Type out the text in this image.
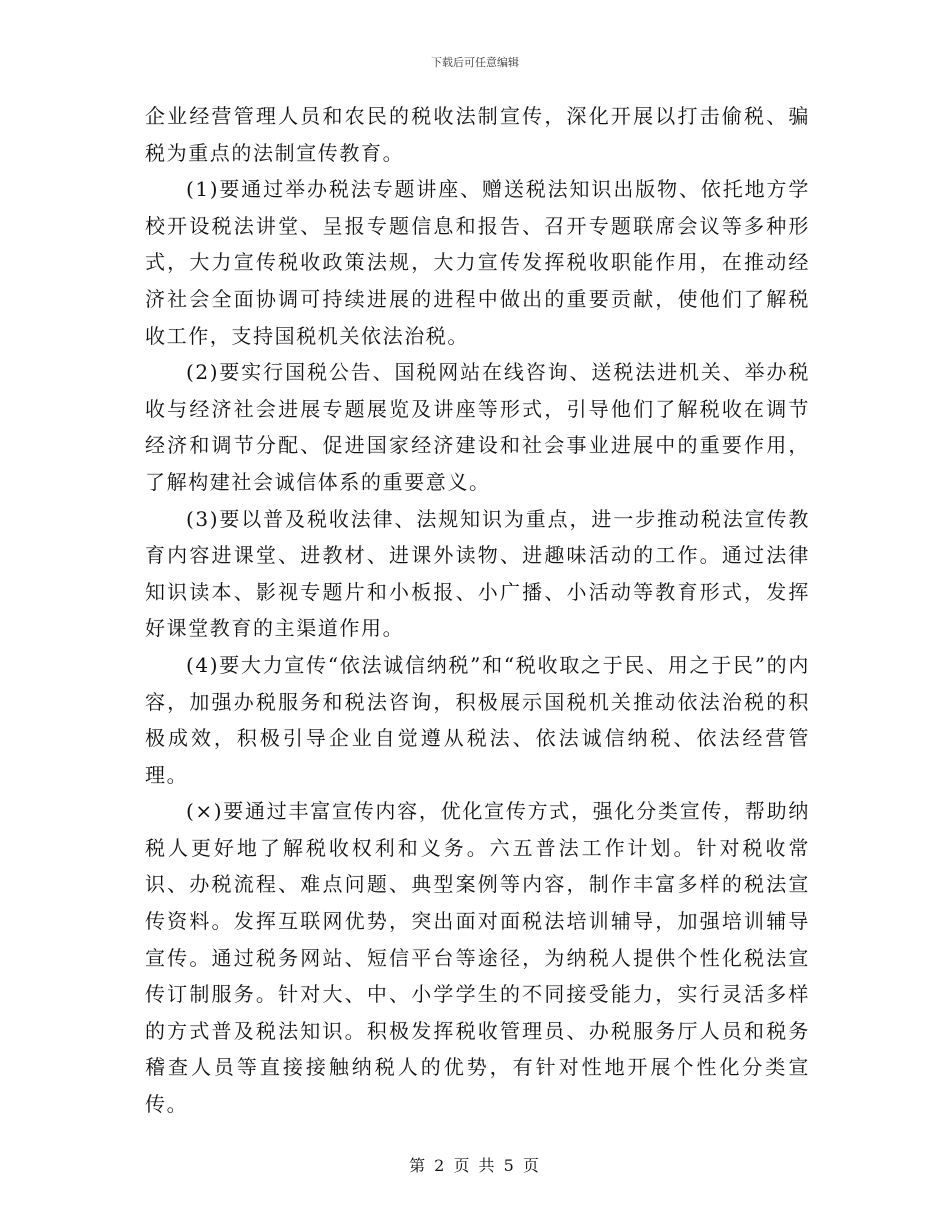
下载后可任意编辑

企业经营管理人员和农民的税收法制宣传，深化开展以打击偷税、骗税为重点的法制宣传教育。

(1)要通过举办税法专题讲座、赠送税法知识出版物、依托地方学校开设税法讲堂、呈报专题信息和报告、召开专题联席会议等多种形式，大力宣传税收政策法规，大力宣传发挥税收职能作用，在推动经济社会全面协调可持续进展的进程中做出的重要贡献，使他们了解税收工作，支持国税机关依法治税。

(2)要实行国税公告、国税网站在线咨询、送税法进机关、举办税收与经济社会进展专题展览及讲座等形式，引导他们了解税收在调节经济和调节分配、促进国家经济建设和社会事业进展中的重要作用，了解构建社会诚信体系的重要意义。

(3)要以普及税收法律、法规知识为重点，进一步推动税法宣传教育内容进课堂、进教材、进课外读物、进趣味活动的工作。通过法律知识读本、影视专题片和小板报、小广播、小活动等教育形式，发挥好课堂教育的主渠道作用。

(4)要大力宣传“依法诚信纳税”和“税收取之于民、用之于民”的内容，加强办税服务和税法咨询，积极展示国税机关推动依法治税的积极成效，积极引导企业自觉遵从税法、依法诚信纳税、依法经营管理。

(×)要通过丰富宣传内容，优化宣传方式，强化分类宣传，帮助纳税人更好地了解税收权利和义务。六五普法工作计划。针对税收常识、办税流程、难点问题、典型案例等内容，制作丰富多样的税法宣传资料。发挥互联网优势，突出面对面税法培训辅导，加强培训辅导宣传。通过税务网站、短信平台等途径，为纳税人提供个性化税法宣传订制服务。针对大、中、小学学生的不同接受能力，实行灵活多样的方式普及税法知识。积极发挥税收管理员、办税服务厅人员和税务稽查人员等直接接触纳税人的优势，有针对性地开展个性化分类宣传。

第 2 页 共 5 页
